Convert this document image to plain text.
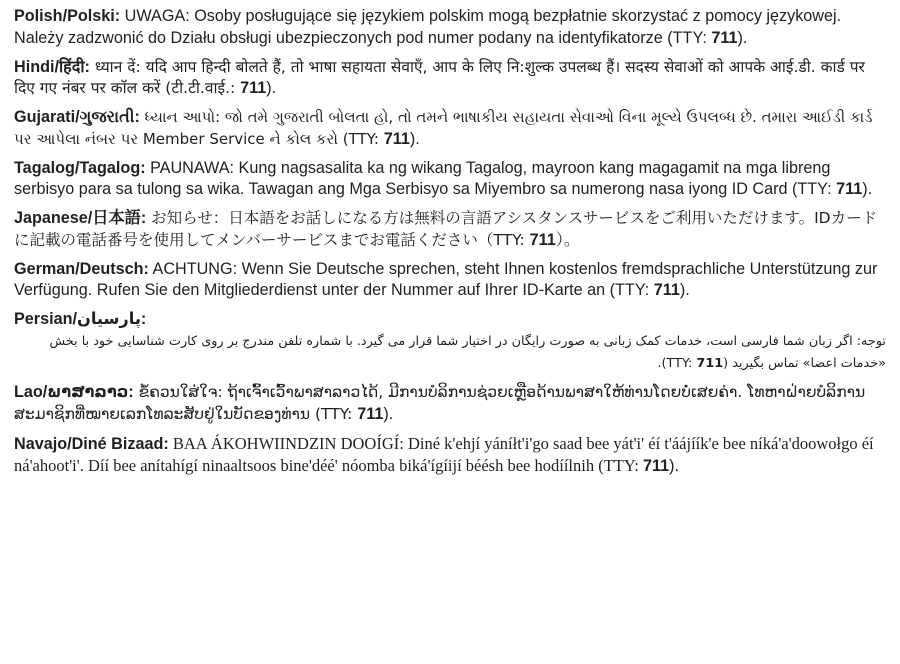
Polish/Polski: UWAGA: Osoby posługujące się językiem polskim mogą bezpłatnie skorzystać z pomocy językowej. Należy zadzwonić do Działu obsługi ubezpieczonych pod numer podany na identyfikatorze (TTY: 711).

Hindi/हिंदी: ध्यान दें: यदि आप हिन्दी बोलते हैं, तो भाषा सहायता सेवाएँ, आप के लिए नि:शुल्क उपलब्ध हैं। सदस्य सेवाओं को आपके आई.डी. कार्ड पर दिए गए नंबर पर कॉल करें (टी.टी.वाई.: 711).

Gujarati/ગુજરાતી: ધ્યાન આપો: જો તમે ગુજરાતી બોલતા હો, તો તમને ભાષાકીય સહાયતા સેવાઓ વિના મૂલ્યે ઉપલબ્ધ છે. તમારા આઈડી કાર્ડ પર આપેલા નંબર પર Member Service ને કોલ કરો (TTY: 711).

Tagalog/Tagalog: PAUNAWA: Kung nagsasalita ka ng wikang Tagalog, mayroon kang magagamit na mga libreng serbisyo para sa tulong sa wika. Tawagan ang Mga Serbisyo sa Miyembro sa numerong nasa iyong ID Card (TTY: 711).

Japanese/日本語: お知らせ：日本語をお話しになる方は無料の言語アシスタンスサービスをご利用いただけます。IDカードに記載の電話番号を使用してメンバーサービスまでお電話ください（TTY: 711）。

German/Deutsch: ACHTUNG: Wenn Sie Deutsche sprechen, steht Ihnen kostenlos fremdsprachliche Unterstützung zur Verfügung. Rufen Sie den Mitgliederdienst unter der Nummer auf Ihrer ID-Karte an (TTY: 711).

Persian/پارسیان:
توجه: اگر زبان شما فارسی است، خدمات کمک زبانی به صورت رایگان در اختیار شما قرار می گیرد. با شماره تلفن مندرج بر روی کارت شناسایی خود با بخش «خدمات اعضا» تماس بگیرید (TTY: 711).

Lao/ພາສາລາວ: ຂໍ້ຄວນໃສ່ໃຈ: ຖ້າເຈົ້າເວົ້າພາສາລາວໄດ້, ມີການບໍລິການຊ່ວຍເຫຼືອດ້ານພາສາໃຫ້ທ່ານໂດຍບໍ່ເສຍຄ່າ. ໂທຫາຝ່າຍບໍລິການສະມາຊິກທີ່ໝາຍເລກໂທລະສັບຢູ່ໃນບັດຂອງທ່ານ (TTY: 711).

Navajo/Diné Bizaad: BAA ÁKOHWIINDZIN DOOÍGÍ: Diné k'ehjí yáníłt'i'go saad bee yát'i' éí t'áájíík'e bee níká'a'doowołgo éí ná'ahoot'i'. Díí bee anítahígí ninaaltsoos bine'déé' nóomba biká'ígíijí béésh bee hodíílnih (TTY: 711).
